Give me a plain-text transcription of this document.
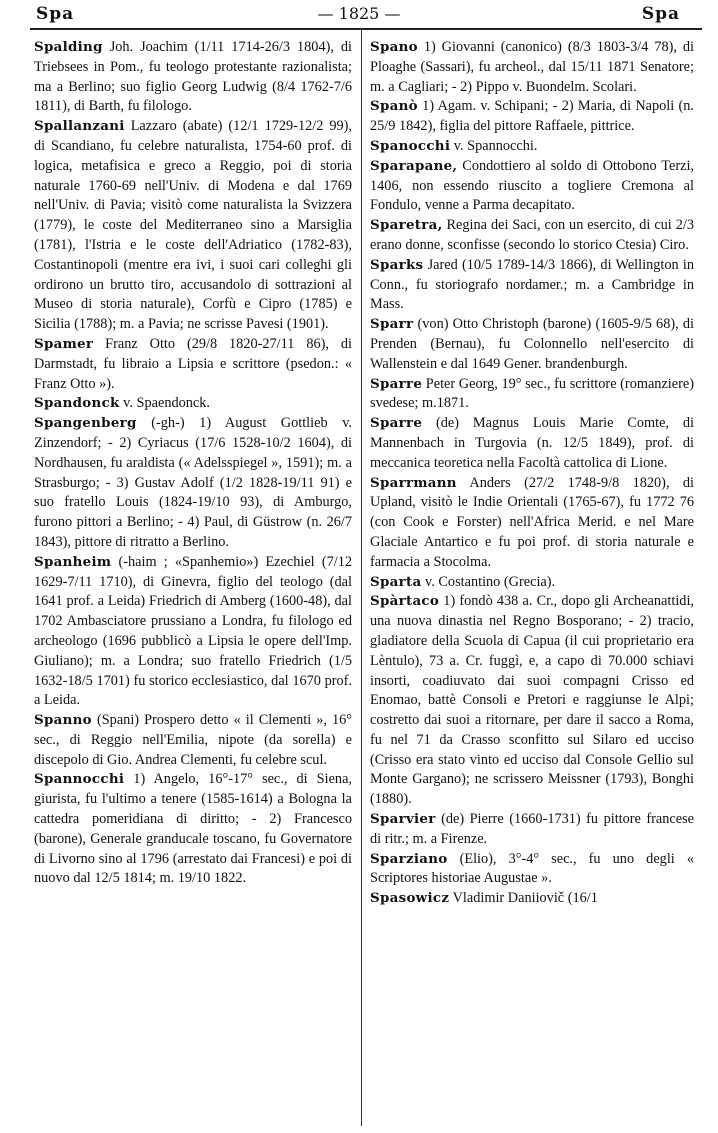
Spa	— 1825 —	Spa
Spalding Joh. Joachim (1/11 1714-26/3 1804), di Triebsees in Pom., fu teologo protestante razionalista; ma a Berlino; suo figlio Georg Ludwig (8/4 1762-7/6 1811), di Barth, fu filologo.
Spallanzani Lazzaro (abate) (12/1 1729-12/2 99), di Scandiano, fu celebre naturalista, 1754-60 prof. di logica, metafisica e greco a Reggio, poi di storia naturale 1760-69 nell'Univ. di Modena e dal 1769 nell'Univ. di Pavia; visitò come naturalista la Svizzera (1779), le coste del Mediterraneo sino a Marsiglia (1781), l'Istria e le coste dell'Adriatico (1782-83), Costantinopoli (mentre era ivi, i suoi cari colleghi gli ordirono un brutto tiro, accusandolo di sottrazioni al Museo di storia naturale), Corfù e Cipro (1785) e Sicilia (1788); m. a Pavia; ne scrisse Pavesi (1901).
Spamer Franz Otto (29/8 1820-27/11 86), di Darmstadt, fu libraio a Lipsia e scrittore (psedon.: « Franz Otto »).
Spandonck v. Spaendonck.
Spangenberg (-gh-) 1) August Gottlieb v. Zinzendorf; - 2) Cyriacus (17/6 1528-10/2 1604), di Nordhausen, fu araldista (« Adelsspiegel », 1591); m. a Strasburgo; - 3) Gustav Adolf (1/2 1828-19/11 91) e suo fratello Louis (1824-19/10 93), di Amburgo, furono pittori a Berlino; - 4) Paul, di Güstrow (n. 26/7 1843), pittore di ritratto a Berlino.
Spanheim (-haim ; «Spanhemio») Ezechiel (7/12 1629-7/11 1710), di Ginevra, figlio del teologo (dal 1641 prof. a Leida) Friedrich di Amberg (1600-48), dal 1702 Ambasciatore prussiano a Londra, fu filologo ed archeologo (1696 pubblicò a Lipsia le opere dell'Imp. Giuliano); m. a Londra; suo fratello Friedrich (1/5 1632-18/5 1701) fu storico ecclesiastico, dal 1670 prof. a Leida.
Spanno (Spani) Prospero detto « il Clementi », 16° sec., di Reggio nell'Emilia, nipote (da sorella) e discepolo di Gio. Andrea Clementi, fu celebre scul.
Spannocchi 1) Angelo, 16°-17° sec., di Siena, giurista, fu l'ultimo a tenere (1585-1614) a Bologna la cattedra pomeridiana di diritto; - 2) Francesco (barone), Generale granducale toscano, fu Governatore di Livorno sino al 1796 (arrestato dai Francesi) e poi di nuovo dal 12/5 1814; m. 19/10 1822.
Spano 1) Giovanni (canonico) (8/3 1803-3/4 78), di Ploaghe (Sassari), fu archeol., dal 15/11 1871 Senatore; m. a Cagliari; - 2) Pippo v. Buondelm. Scolari.
Spanò 1) Agam. v. Schipani; - 2) Maria, di Napoli (n. 25/9 1842), figlia del pittore Raffaele, pittrice.
Spanocchi v. Spannocchi.
Sparapane, Condottiero al soldo di Ottobono Terzi, 1406, non essendo riuscito a togliere Cremona al Fondulo, venne a Parma decapitato.
Sparetra, Regina dei Saci, con un esercito, di cui 2/3 erano donne, sconfisse (secondo lo storico Ctesia) Ciro.
Sparks Jared (10/5 1789-14/3 1866), di Wellington in Conn., fu storiografo nordamer.; m. a Cambridge in Mass.
Sparr (von) Otto Christoph (barone) (1605-9/5 68), di Prenden (Bernau), fu Colonnello nell'esercito di Wallenstein e dal 1649 Gener. brandenburgh.
Sparre Peter Georg, 19° sec., fu scrittore (romanziere) svedese; m.1871.
Sparre (de) Magnus Louis Marie Comte, di Mannenbach in Turgovia (n. 12/5 1849), prof. di meccanica teoretica nella Facoltà cattolica di Lione.
Sparrmann Anders (27/2 1748-9/8 1820), di Upland, visitò le Indie Orientali (1765-67), fu 1772 76 (con Cook e Forster) nell'Africa Merid. e nel Mare Glaciale Antartico e fu poi prof. di storia naturale e farmacia a Stocolma.
Sparta v. Costantino (Grecia).
Spàrtaco 1) fondò 438 a. Cr., dopo gli Archeanattidi, una nuova dinastia nel Regno Bosporano; - 2) tracio, gladiatore della Scuola di Capua (il cui proprietario era Lèntulo), 73 a. Cr. fuggì, e, a capo di 70.000 schiavi insorti, coadiuvato dai suoi compagni Crisso ed Enomao, battè Consoli e Pretori e raggiunse le Alpi; costretto dai suoi a ritornare, per dare il sacco a Roma, fu nel 71 da Crasso sconfitto sul Silaro ed ucciso (Crisso era stato vinto ed ucciso dal Console Gellio sul Monte Gargano); ne scrissero Meissner (1793), Bonghi (1880).
Sparvier (de) Pierre (1660-1731) fu pittore francese di ritr.; m. a Firenze.
Sparziano (Elio), 3°-4° sec., fu uno degli « Scriptores historiae Augustae ».
Spasowicz Vladimir Daniiovič (16/1
